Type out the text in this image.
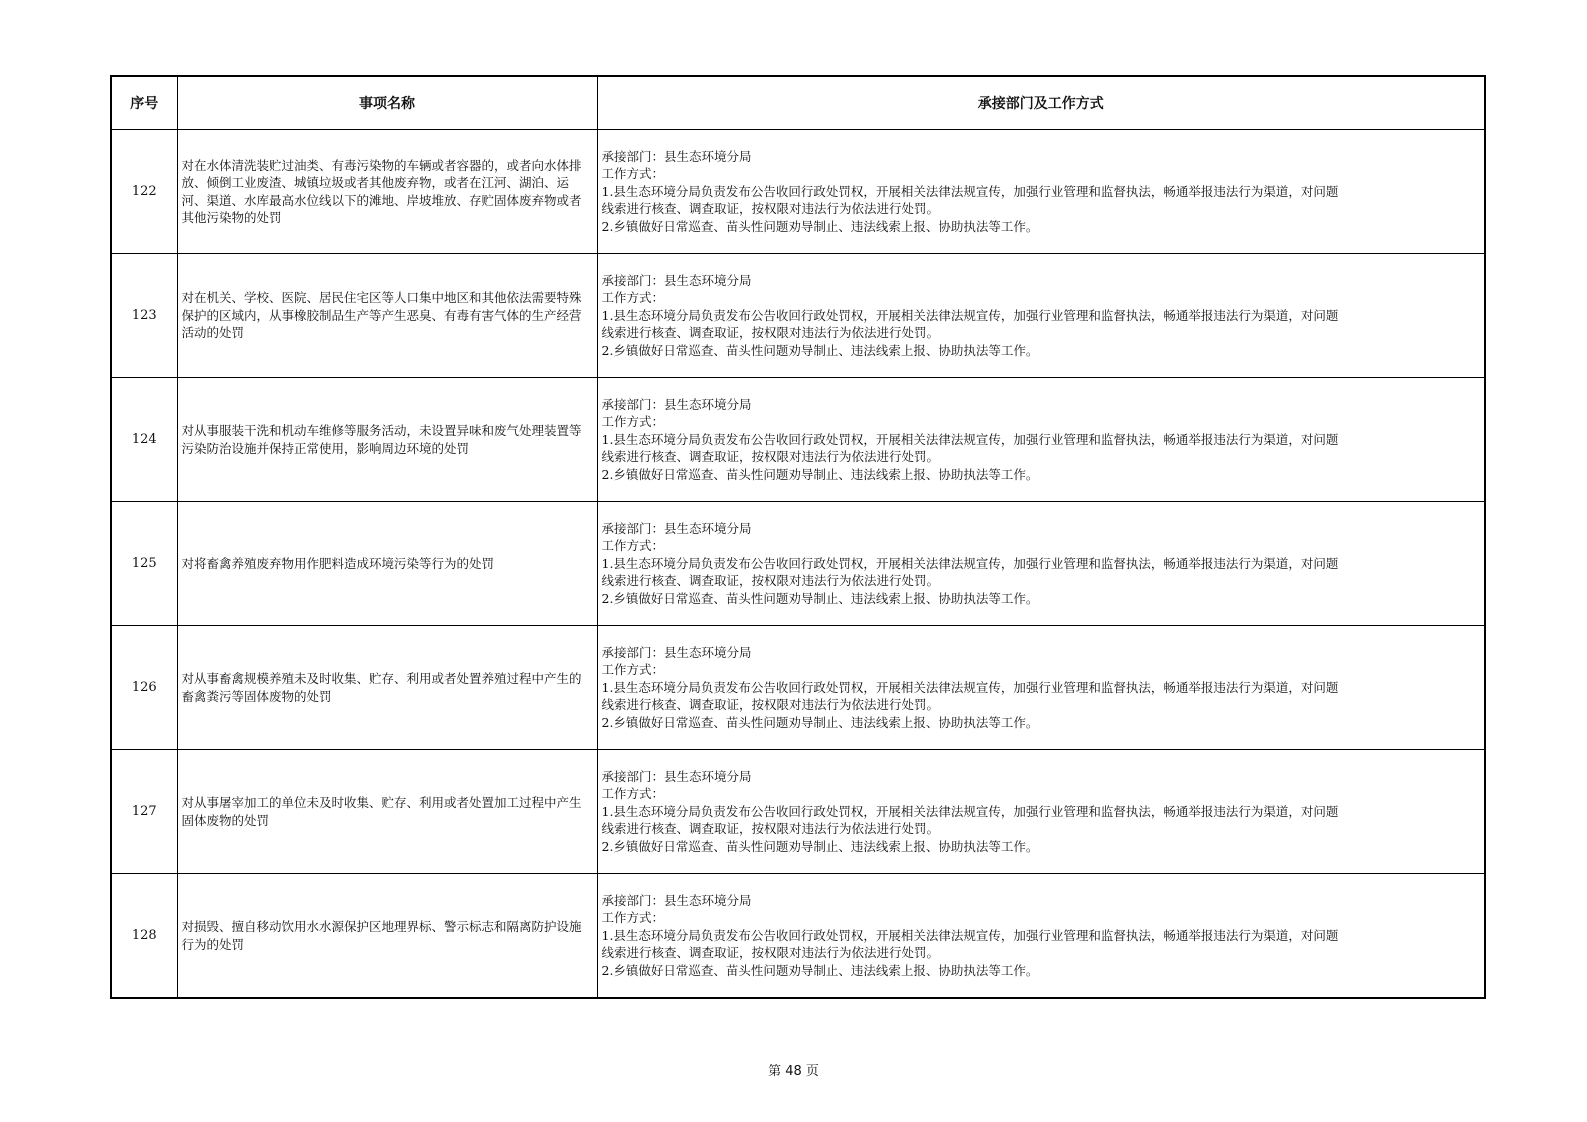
序号	事项名称	承接部门及工作方式
122	对在水体清洗装贮过油类、有毒污染物的车辆或者容器的，或者向水体排放、倾倒工业废渣、城镇垃圾或者其他废弃物，或者在江河、湖泊、运河、渠道、水库最高水位线以下的滩地、岸坡堆放、存贮固体废弃物或者其他污染物的处罚	承接部门：县生态环境分局
工作方式：
1.县生态环境分局负责发布公告收回行政处罚权，开展相关法律法规宣传，加强行业管理和监督执法，畅通举报违法行为渠道，对问题
线索进行核查、调查取证，按权限对违法行为依法进行处罚。
2.乡镇做好日常巡查、苗头性问题劝导制止、违法线索上报、协助执法等工作。

123	对在机关、学校、医院、居民住宅区等人口集中地区和其他依法需要特殊保护的区域内，从事橡胶制品生产等产生恶臭、有毒有害气体的生产经营活动的处罚	承接部门：县生态环境分局
工作方式：
1.县生态环境分局负责发布公告收回行政处罚权，开展相关法律法规宣传，加强行业管理和监督执法，畅通举报违法行为渠道，对问题
线索进行核查、调查取证，按权限对违法行为依法进行处罚。
2.乡镇做好日常巡查、苗头性问题劝导制止、违法线索上报、协助执法等工作。

124	对从事服装干洗和机动车维修等服务活动，未设置异味和废气处理装置等污染防治设施并保持正常使用，影响周边环境的处罚	承接部门：县生态环境分局
工作方式：
1.县生态环境分局负责发布公告收回行政处罚权，开展相关法律法规宣传，加强行业管理和监督执法，畅通举报违法行为渠道，对问题
线索进行核查、调查取证，按权限对违法行为依法进行处罚。
2.乡镇做好日常巡查、苗头性问题劝导制止、违法线索上报、协助执法等工作。

125	对将畜禽养殖废弃物用作肥料造成环境污染等行为的处罚	承接部门：县生态环境分局
工作方式：
1.县生态环境分局负责发布公告收回行政处罚权，开展相关法律法规宣传，加强行业管理和监督执法，畅通举报违法行为渠道，对问题
线索进行核查、调查取证，按权限对违法行为依法进行处罚。
2.乡镇做好日常巡查、苗头性问题劝导制止、违法线索上报、协助执法等工作。

126	对从事畜禽规模养殖未及时收集、贮存、利用或者处置养殖过程中产生的畜禽粪污等固体废物的处罚	承接部门：县生态环境分局
工作方式：
1.县生态环境分局负责发布公告收回行政处罚权，开展相关法律法规宣传，加强行业管理和监督执法，畅通举报违法行为渠道，对问题
线索进行核查、调查取证，按权限对违法行为依法进行处罚。
2.乡镇做好日常巡查、苗头性问题劝导制止、违法线索上报、协助执法等工作。

127	对从事屠宰加工的单位未及时收集、贮存、利用或者处置加工过程中产生固体废物的处罚	承接部门：县生态环境分局
工作方式：
1.县生态环境分局负责发布公告收回行政处罚权，开展相关法律法规宣传，加强行业管理和监督执法，畅通举报违法行为渠道，对问题
线索进行核查、调查取证，按权限对违法行为依法进行处罚。
2.乡镇做好日常巡查、苗头性问题劝导制止、违法线索上报、协助执法等工作。

128	对损毁、擅自移动饮用水水源保护区地理界标、警示标志和隔离防护设施行为的处罚	承接部门：县生态环境分局
工作方式：
1.县生态环境分局负责发布公告收回行政处罚权，开展相关法律法规宣传，加强行业管理和监督执法，畅通举报违法行为渠道，对问题
线索进行核查、调查取证，按权限对违法行为依法进行处罚。
2.乡镇做好日常巡查、苗头性问题劝导制止、违法线索上报、协助执法等工作。
第 48 页
